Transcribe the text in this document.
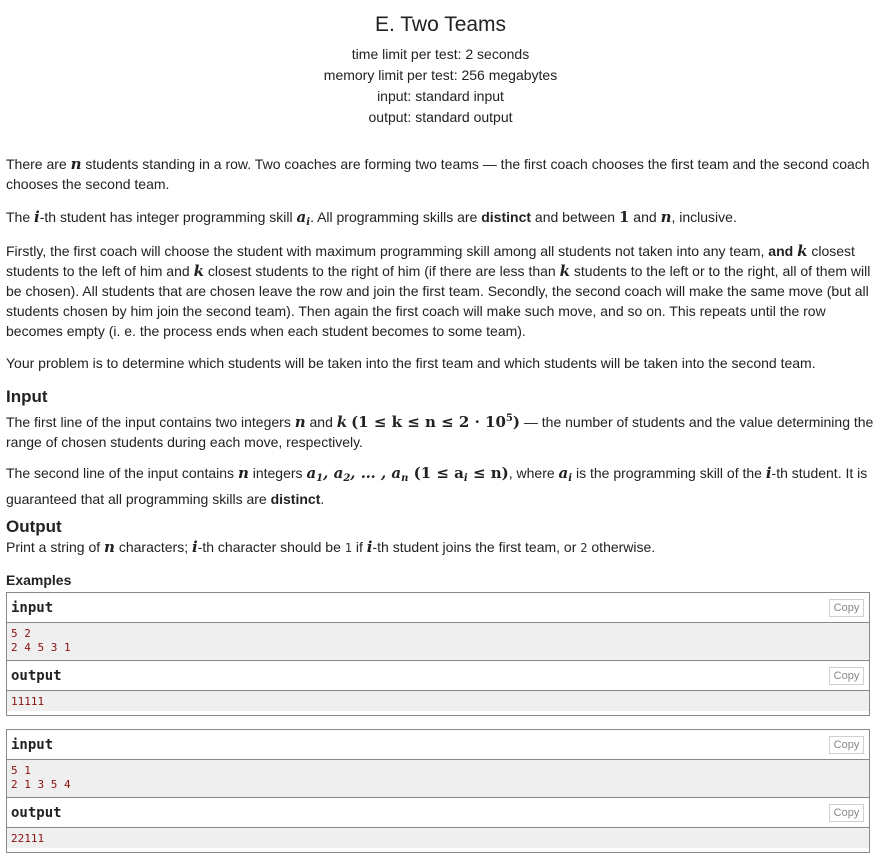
E. Two Teams
time limit per test: 2 seconds
memory limit per test: 256 megabytes
input: standard input
output: standard output

There are n students standing in a row. Two coaches are forming two teams — the first coach chooses the first team and the second coach chooses the second team.

The i-th student has integer programming skill $a_i$. All programming skills are distinct and between 1 and n, inclusive.

Firstly, the first coach will choose the student with maximum programming skill among all students not taken into any team, and k closest students to the left of him and k closest students to the right of him (if there are less than k students to the left or to the right, all of them will be chosen). All students that are chosen leave the row and join the first team. Secondly, the second coach will make the same move (but all students chosen by him join the second team). Then again the first coach will make such move, and so on. This repeats until the row becomes empty (i. e. the process ends when each student becomes to some team).

Your problem is to determine which students will be taken into the first team and which students will be taken into the second team.

Input

The first line of the input contains two integers n and k $(1 \le k \le n \le 2 \cdot 10^5)$ — the number of students and the value determining the range of chosen students during each move, respectively.

The second line of the input contains n integers $a_1$, $a_2$, … , $a_n$ $(1 \le a_i \le n)$, where $a_i$ is the programming skill of the i-th student. It is guaranteed that all programming skills are distinct.

Output

Print a string of n characters; i-th character should be 1 if i-th student joins the first team, or 2 otherwise.

Examples
input	Copy
5 2
2 4 5 3 1
output	Copy
11111
input	Copy
5 1
2 1 3 5 4
output	Copy
22111
